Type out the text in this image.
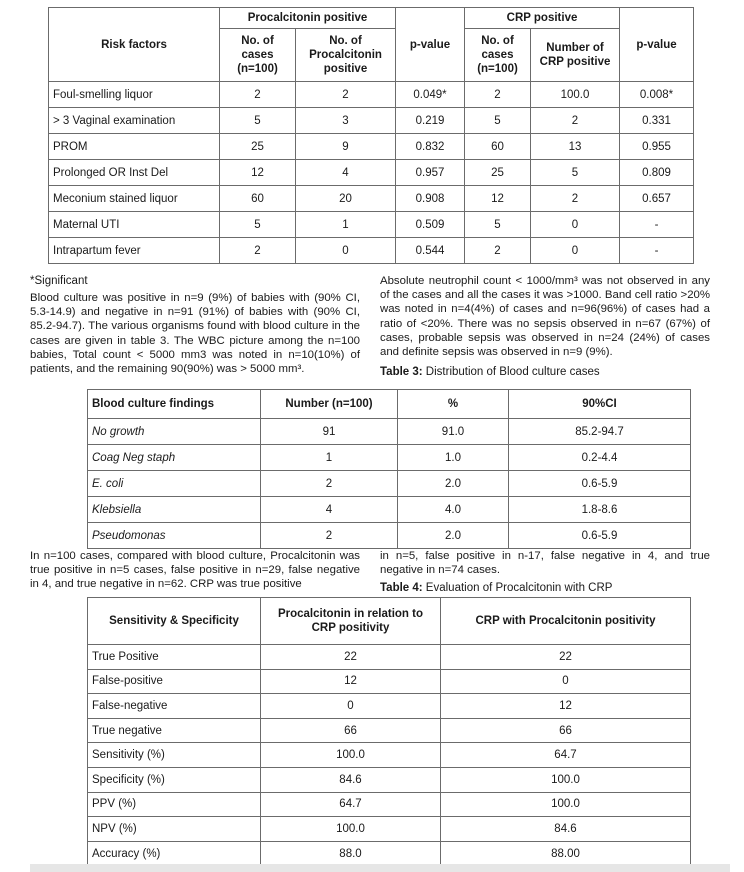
Risk factors	Procalcitonin positive		p-value	CRP positive		p-value
	No. of cases (n=100)	No. of Procalcitonin positive		No. of cases (n=100)	Number of CRP positive	
Foul-smelling liquor	2	2	0.049*	2	100.0	0.008*
> 3 Vaginal examination	5	3	0.219	5	2	0.331
PROM	25	9	0.832	60	13	0.955
Prolonged OR Inst Del	12	4	0.957	25	5	0.809
Meconium stained liquor	60	20	0.908	12	2	0.657
Maternal UTI	5	1	0.509	5	0	-
Intrapartum fever	2	0	0.544	2	0	-
*Significant

Blood culture was positive in n=9 (9%) of babies with (90% CI, 5.3-14.9) and negative in n=91 (91%) of babies with (90% CI, 85.2-94.7). The various organisms found with blood culture in the cases are given in table 3. The WBC picture among the n=100 babies, Total count < 5000 mm3 was noted in n=10(10%) of patients, and the remaining 90(90%) was > 5000 mm³.

Absolute neutrophil count < 1000/mm³ was not observed in any of the cases and all the cases it was >1000. Band cell ratio >20% was noted in n=4(4%) of cases and n=96(96%) of cases had a ratio of <20%. There was no sepsis observed in n=67 (67%) of cases, probable sepsis was observed in n=24 (24%) of cases and definite sepsis was observed in n=9 (9%).

Table 3: Distribution of Blood culture cases
Blood culture findings	Number (n=100)	%	90%CI
No growth	91	91.0	85.2-94.7
Coag Neg staph	1	1.0	0.2-4.4
E. coli	2	2.0	0.6-5.9
Klebsiella	4	4.0	1.8-8.6
Pseudomonas	2	2.0	0.6-5.9

In n=100 cases, compared with blood culture, Procalcitonin was true positive in n=5 cases, false positive in n=29, false negative in 4, and true negative in n=62. CRP was true positive

in n=5, false positive in n-17, false negative in 4, and true negative in n=74 cases.

Table 4: Evaluation of Procalcitonin with CRP
Sensitivity & Specificity	Procalcitonin in relation to CRP positivity	CRP with Procalcitonin positivity
True Positive	22	22
False-positive	12	0
False-negative	0	12
True negative	66	66
Sensitivity (%)	100.0	64.7
Specificity (%)	84.6	100.0
PPV (%)	64.7	100.0
NPV (%)	100.0	84.6
Accuracy (%)	88.0	88.00
